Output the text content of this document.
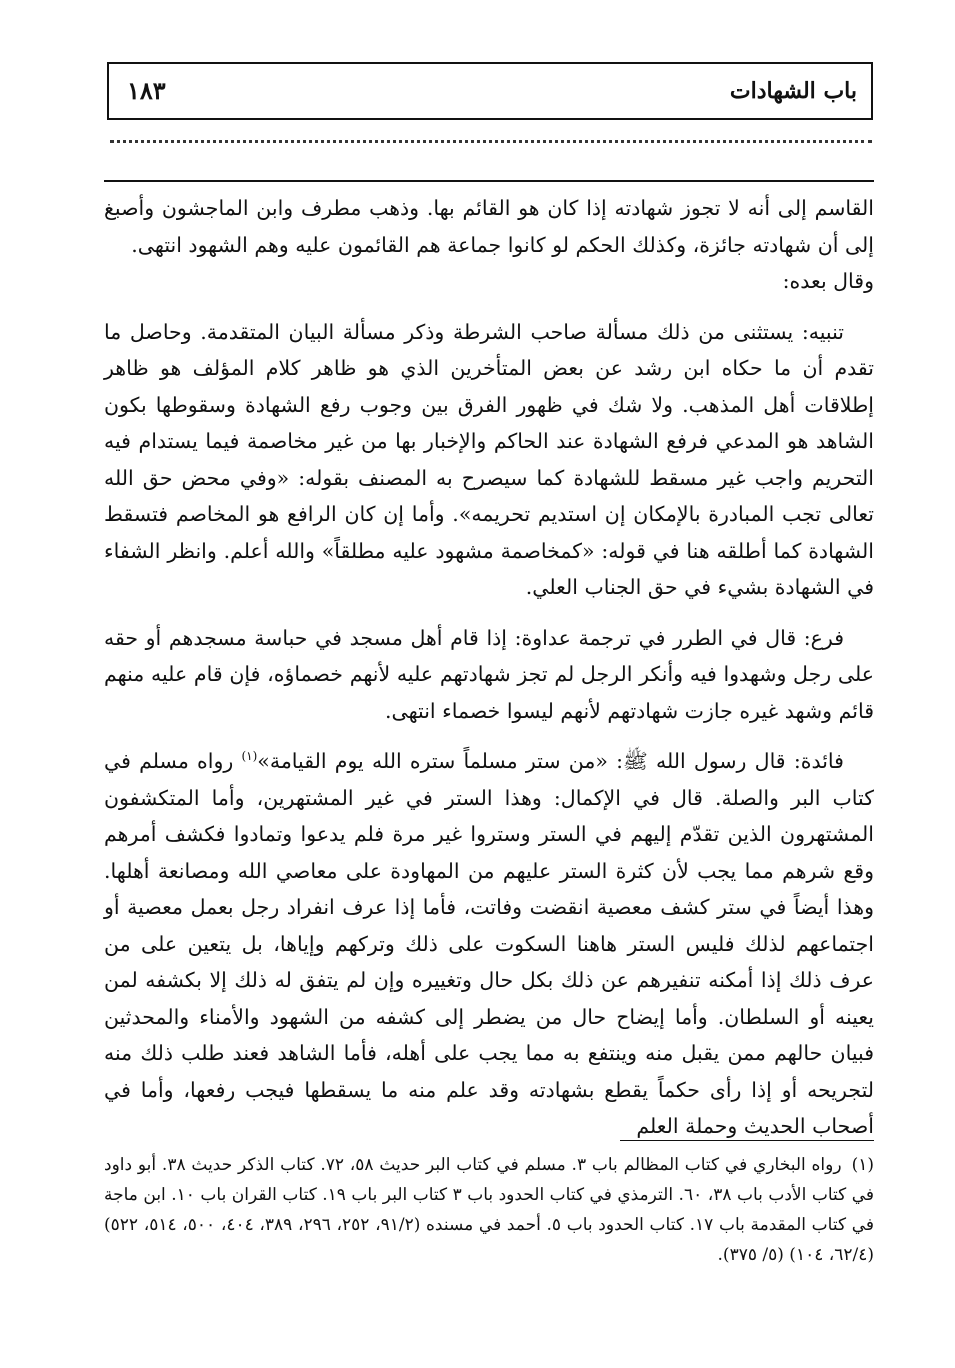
باب الشهادات
١٨٣

القاسم إلى أنه لا تجوز شهادته إذا كان هو القائم بها. وذهب مطرف وابن الماجشون وأصبغ إلى أن شهادته جائزة، وكذلك الحكم لو كانوا جماعة هم القائمون عليه وهم الشهود انتهى.

وقال بعده:

تنبيه: يستثنى من ذلك مسألة صاحب الشرطة وذكر مسألة البيان المتقدمة. وحاصل ما تقدم أن ما حكاه ابن رشد عن بعض المتأخرين الذي هو ظاهر كلام المؤلف هو ظاهر إطلاقات أهل المذهب. ولا شك في ظهور الفرق بين وجوب رفع الشهادة وسقوطها بكون الشاهد هو المدعي فرفع الشهادة عند الحاكم والإخبار بها من غير مخاصمة فيما يستدام فيه التحريم واجب غير مسقط للشهادة كما سيصرح به المصنف بقوله: «وفي محض حق الله تعالى تجب المبادرة بالإمكان إن استديم تحريمه». وأما إن كان الرافع هو المخاصم فتسقط الشهادة كما أطلقه هنا في قوله: «كمخاصمة مشهود عليه مطلقاً» والله أعلم. وانظر الشفاء في الشهادة بشيء في حق الجناب العلي.

فرع: قال في الطرر في ترجمة عداوة: إذا قام أهل مسجد في حباسة مسجدهم أو حقه على رجل وشهدوا فيه وأنكر الرجل لم تجز شهادتهم عليه لأنهم خصماؤه، فإن قام عليه منهم قائم وشهد غيره جازت شهادتهم لأنهم ليسوا خصماء انتهى.

فائدة: قال رسول الله ﷺ: «من ستر مسلماً ستره الله يوم القيامة»$^{(١)}$ رواه مسلم في كتاب البر والصلة. قال في الإكمال: وهذا الستر في غير المشتهرين، وأما المتكشفون المشتهرون الذين تقدّم إليهم في الستر وستروا غير مرة فلم يدعوا وتمادوا فكشف أمرهم وقع شرهم مما يجب لأن كثرة الستر عليهم من المهاودة على معاصي الله ومصانعة أهلها. وهذا أيضاً في ستر كشف معصية انقضت وفاتت، فأما إذا عرف انفراد رجل بعمل معصية أو اجتماعهم لذلك فليس الستر هاهنا السكوت على ذلك وتركهم وإياها، بل يتعين على من عرف ذلك إذا أمكنه تنفيرهم عن ذلك بكل حال وتغييره وإن لم يتفق له ذلك إلا بكشفه لمن يعينه أو السلطان. وأما إيضاح حال من يضطر إلى كشفه من الشهود والأمناء والمحدثين فبيان حالهم ممن يقبل منه وينتفع به مما يجب على أهله، فأما الشاهد فعند طلب ذلك منه لتجريحه أو إذا رأى حكماً يقطع بشهادته وقد علم منه ما يسقطها فيجب رفعها، وأما في أصحاب الحديث وحملة العلم

(١)رواه البخاري في كتاب المظالم باب ٣. مسلم في كتاب البر حديث ٥٨، ٧٢. كتاب الذكر حديث ٣٨. أبو داود في كتاب الأدب باب ٣٨، ٦٠. الترمذي في كتاب الحدود باب ٣ كتاب البر باب ١٩. كتاب القران باب ١٠. ابن ماجة في كتاب المقدمة باب ١٧. كتاب الحدود باب ٥. أحمد في مسنده (٩١/٢، ٢٥٢، ٢٩٦، ٣٨٩، ٤٠٤، ٥٠٠، ٥١٤، ٥٢٢) (٦٢/٤، ١٠٤) (٥/ ٣٧٥).
